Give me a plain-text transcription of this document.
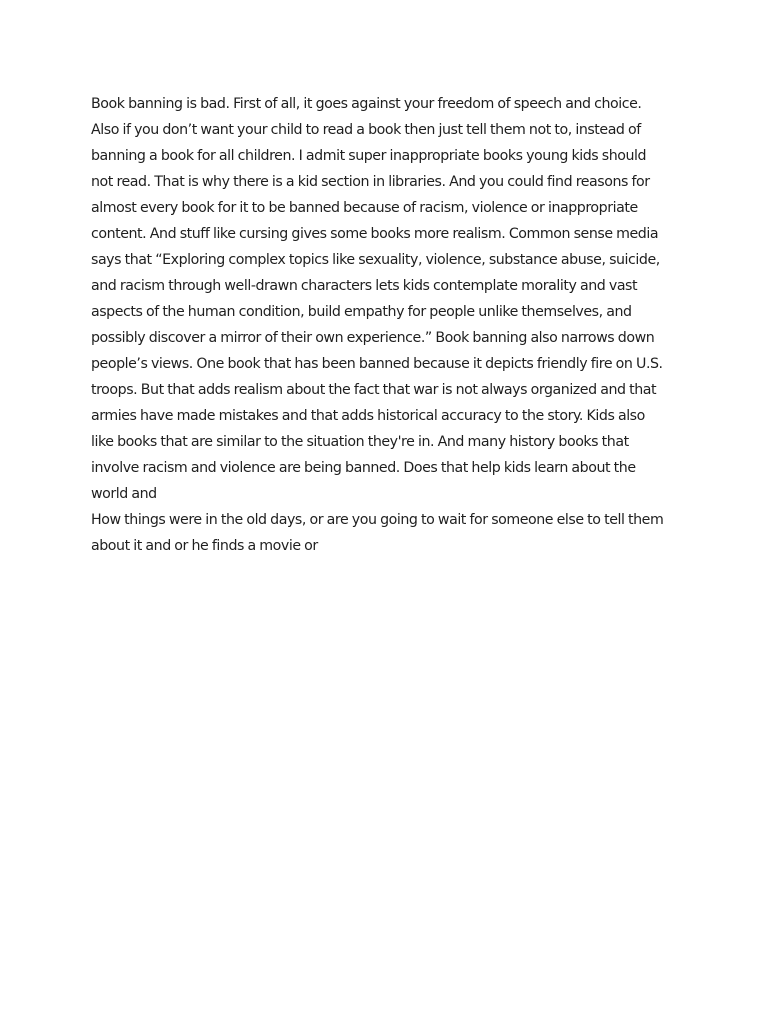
Book banning is bad. First of all, it goes against your freedom of speech and choice.
Also if you don’t want your child to read a book then just tell them not to, instead of
banning a book for all children. I admit super inappropriate books young kids should
not read. That is why there is a kid section in libraries. And you could find reasons for
almost every book for it to be banned because of racism, violence or inappropriate
content. And stuff like cursing gives some books more realism. Common sense media
says that “Exploring complex topics like sexuality, violence, substance abuse, suicide,
and racism through well-drawn characters lets kids contemplate morality and vast
aspects of the human condition, build empathy for people unlike themselves, and
possibly discover a mirror of their own experience.” Book banning also narrows down
people’s views. One book that has been banned because it depicts friendly fire on U.S.
troops. But that adds realism about the fact that war is not always organized and that
armies have made mistakes and that adds historical accuracy to the story. Kids also
like books that are similar to the situation they're in. And many history books that
involve racism and violence are being banned. Does that help kids learn about the
world and
How things were in the old days, or are you going to wait for someone else to tell them
about it and or he finds a movie or
